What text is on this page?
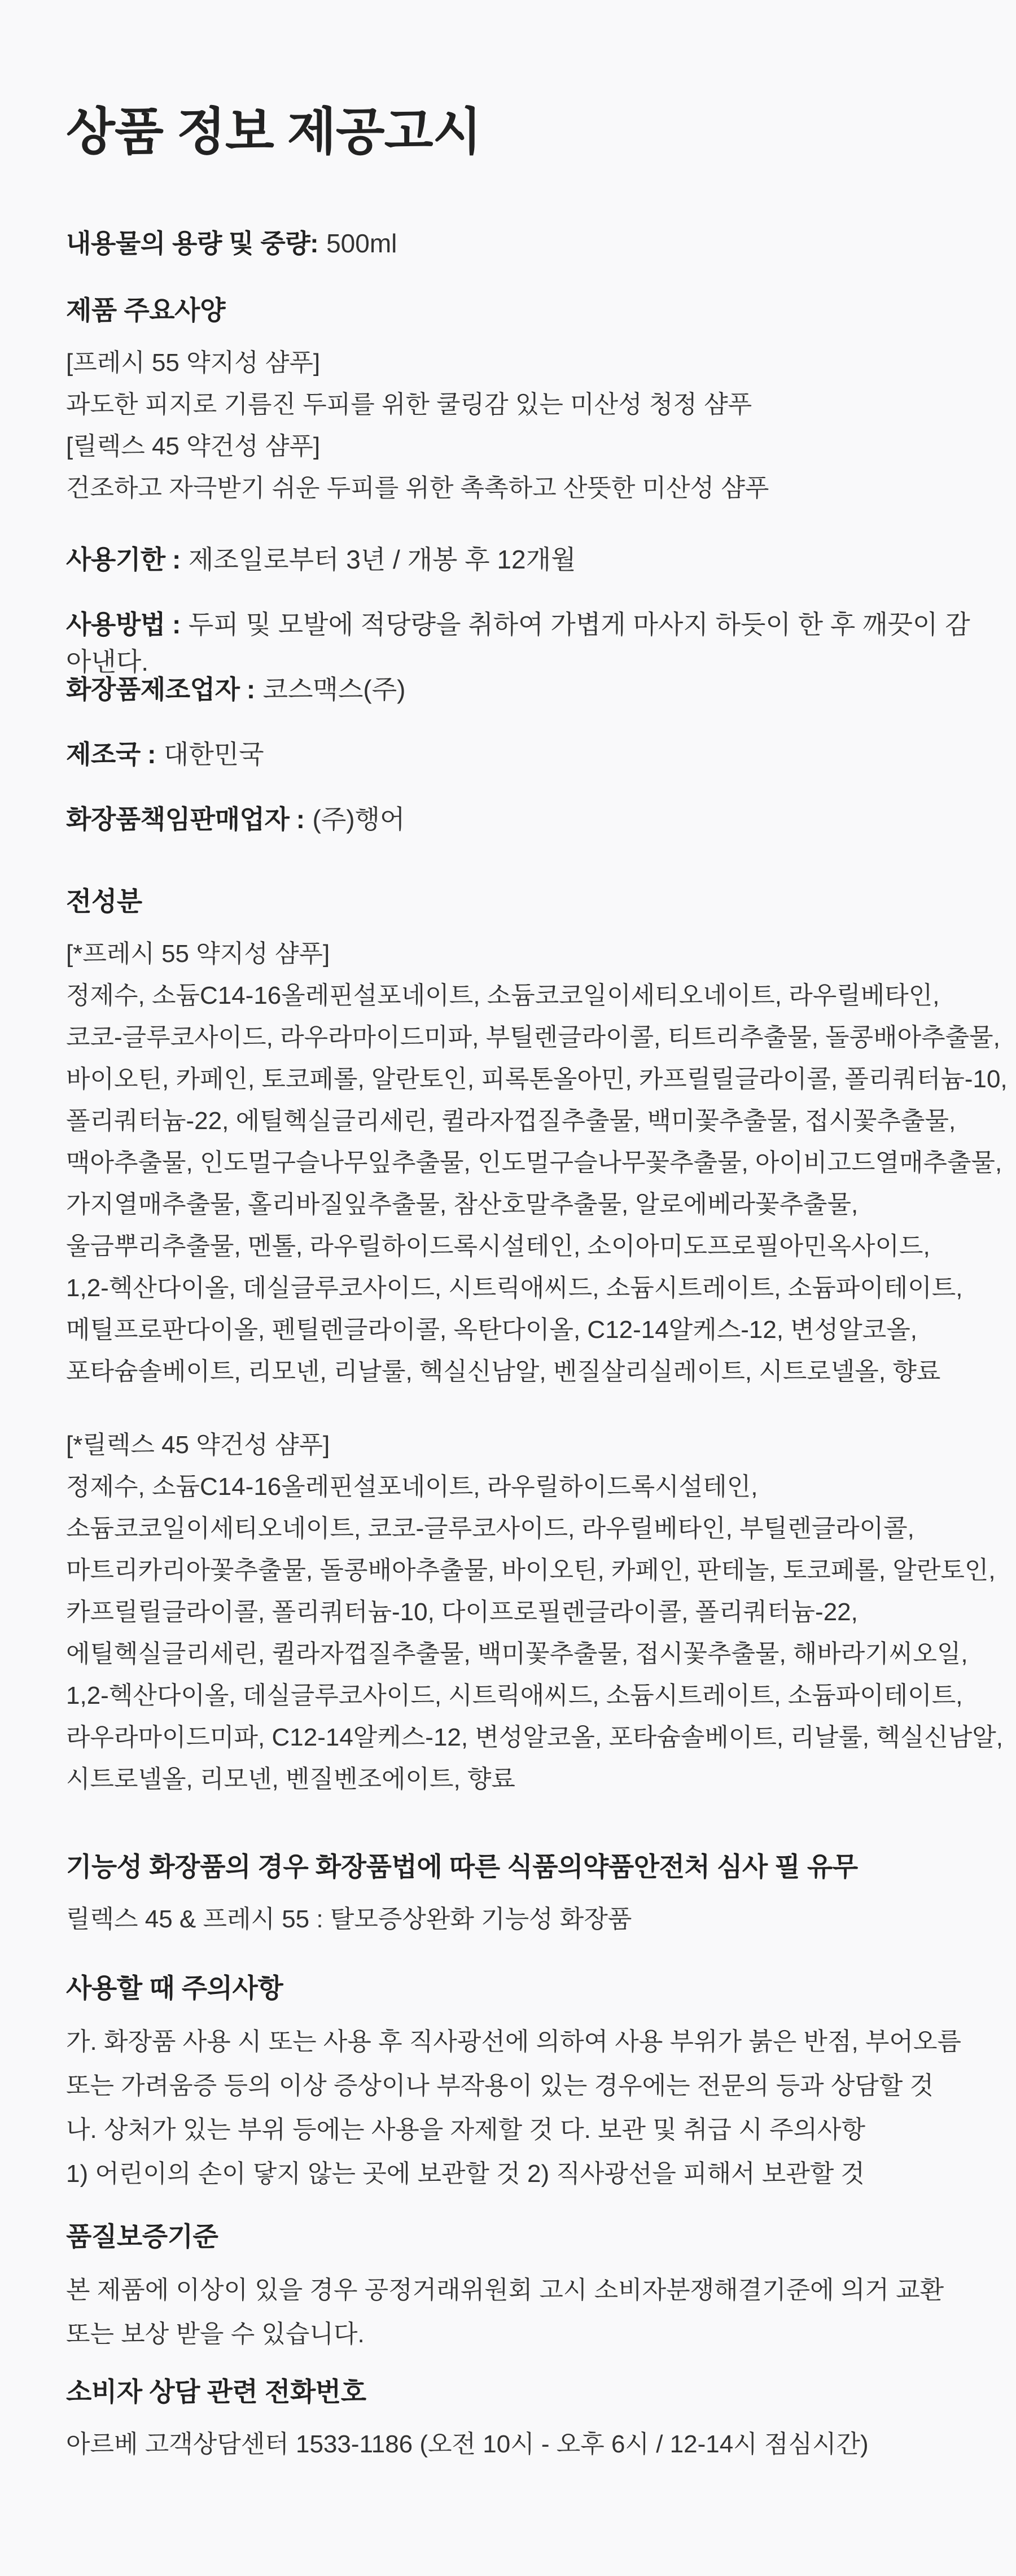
상품 정보 제공고시
내용물의 용량 및 중량: 500ml
제품 주요사양
[프레시 55 약지성 샴푸]
과도한 피지로 기름진 두피를 위한 쿨링감 있는 미산성 청정 샴푸
[릴렉스 45 약건성 샴푸]
건조하고 자극받기 쉬운 두피를 위한 촉촉하고 산뜻한 미산성 샴푸
사용기한 : 제조일로부터 3년 / 개봉 후 12개월
사용방법 : 두피 및 모발에 적당량을 취하여 가볍게 마사지 하듯이 한 후 깨끗이 감아낸다.
화장품제조업자 : 코스맥스(주)
제조국 : 대한민국
화장품책임판매업자 : (주)행어
전성분
[*프레시 55 약지성 샴푸]
정제수, 소듐C14-16올레핀설포네이트, 소듐코코일이세티오네이트, 라우릴베타인,
코코-글루코사이드, 라우라마이드미파, 부틸렌글라이콜, 티트리추출물, 돌콩배아추출물,
바이오틴, 카페인, 토코페롤, 알란토인, 피록톤올아민, 카프릴릴글라이콜, 폴리쿼터늄-10,
폴리쿼터늄-22, 에틸헥실글리세린, 퀼라자껍질추출물, 백미꽃추출물, 접시꽃추출물,
맥아추출물, 인도멀구슬나무잎추출물, 인도멀구슬나무꽃추출물, 아이비고드열매추출물,
가지열매추출물, 홀리바질잎추출물, 참산호말추출물, 알로에베라꽃추출물,
울금뿌리추출물, 멘톨, 라우릴하이드록시설테인, 소이아미도프로필아민옥사이드,
1,2-헥산다이올, 데실글루코사이드, 시트릭애씨드, 소듐시트레이트, 소듐파이테이트,
메틸프로판다이올, 펜틸렌글라이콜, 옥탄다이올, C12-14알케스-12, 변성알코올,
포타슘솔베이트, 리모넨, 리날룰, 헥실신남알, 벤질살리실레이트, 시트로넬올, 향료
[*릴렉스 45 약건성 샴푸]
정제수, 소듐C14-16올레핀설포네이트, 라우릴하이드록시설테인,
소듐코코일이세티오네이트, 코코-글루코사이드, 라우릴베타인, 부틸렌글라이콜,
마트리카리아꽃추출물, 돌콩배아추출물, 바이오틴, 카페인, 판테놀, 토코페롤, 알란토인,
카프릴릴글라이콜, 폴리쿼터늄-10, 다이프로필렌글라이콜, 폴리쿼터늄-22,
에틸헥실글리세린, 퀼라자껍질추출물, 백미꽃추출물, 접시꽃추출물, 해바라기씨오일,
1,2-헥산다이올, 데실글루코사이드, 시트릭애씨드, 소듐시트레이트, 소듐파이테이트,
라우라마이드미파, C12-14알케스-12, 변성알코올, 포타슘솔베이트, 리날룰, 헥실신남알,
시트로넬올, 리모넨, 벤질벤조에이트, 향료
기능성 화장품의 경우 화장품법에 따른 식품의약품안전처 심사 필 유무
릴렉스 45 & 프레시 55 : 탈모증상완화 기능성 화장품
사용할 때 주의사항
가. 화장품 사용 시 또는 사용 후 직사광선에 의하여 사용 부위가 붉은 반점, 부어오름
또는 가려움증 등의 이상 증상이나 부작용이 있는 경우에는 전문의 등과 상담할 것
나. 상처가 있는 부위 등에는 사용을 자제할 것 다. 보관 및 취급 시 주의사항
1) 어린이의 손이 닿지 않는 곳에 보관할 것 2) 직사광선을 피해서 보관할 것
품질보증기준
본 제품에 이상이 있을 경우 공정거래위원회 고시 소비자분쟁해결기준에 의거 교환
또는 보상 받을 수 있습니다.
소비자 상담 관련 전화번호
아르베 고객상담센터 1533-1186 (오전 10시 - 오후 6시 / 12-14시 점심시간)
